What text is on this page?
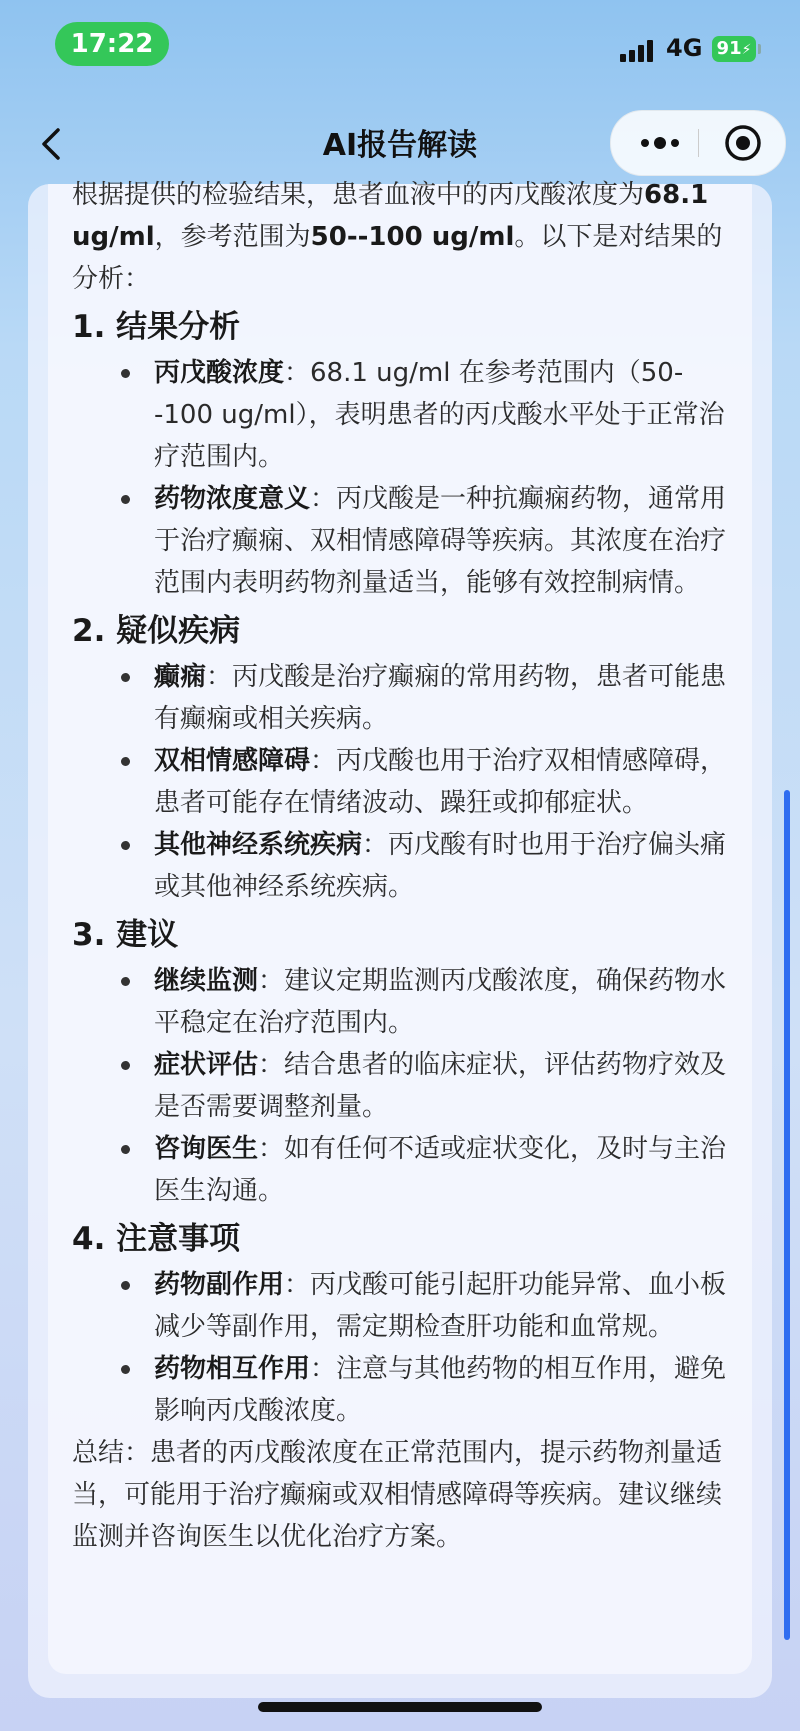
17:22	4G 91⚡
AI报告解读

根据提供的检验结果，患者血液中的丙戊酸浓度为68.1 ug/ml，参考范围为50--100 ug/ml。以下是对结果的分析：

1. 结果分析
丙戊酸浓度：68.1 ug/ml 在参考范围内（50--100 ug/ml），表明患者的丙戊酸水平处于正常治疗范围内。
药物浓度意义：丙戊酸是一种抗癫痫药物，通常用于治疗癫痫、双相情感障碍等疾病。其浓度在治疗范围内表明药物剂量适当，能够有效控制病情。
2. 疑似疾病
癫痫：丙戊酸是治疗癫痫的常用药物，患者可能患有癫痫或相关疾病。
双相情感障碍：丙戊酸也用于治疗双相情感障碍，患者可能存在情绪波动、躁狂或抑郁症状。
其他神经系统疾病：丙戊酸有时也用于治疗偏头痛或其他神经系统疾病。
3. 建议
继续监测：建议定期监测丙戊酸浓度，确保药物水平稳定在治疗范围内。
症状评估：结合患者的临床症状，评估药物疗效及是否需要调整剂量。
咨询医生：如有任何不适或症状变化，及时与主治医生沟通。
4. 注意事项
药物副作用：丙戊酸可能引起肝功能异常、血小板减少等副作用，需定期检查肝功能和血常规。
药物相互作用：注意与其他药物的相互作用，避免影响丙戊酸浓度。

总结：患者的丙戊酸浓度在正常范围内，提示药物剂量适当，可能用于治疗癫痫或双相情感障碍等疾病。建议继续监测并咨询医生以优化治疗方案。
